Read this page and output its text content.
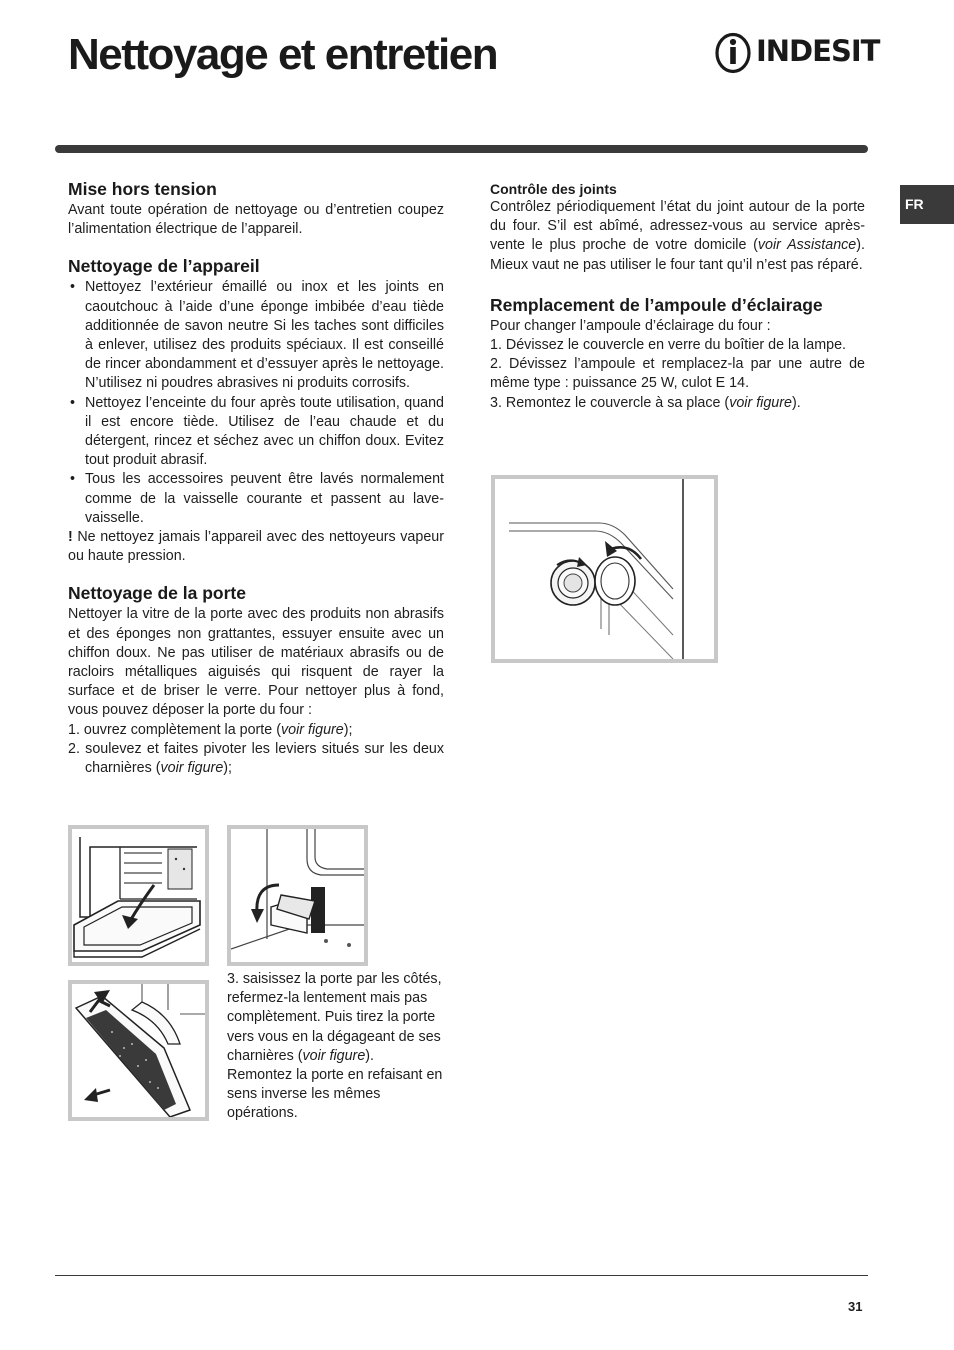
Nettoyage et entretien	INDESIT
FR
Mise hors tension

Avant toute opération de nettoyage ou d’entretien coupez l’alimentation électrique de l’appareil.

Nettoyage de l’appareil
• Nettoyez l’extérieur émaillé ou inox et les joints en caoutchouc à l’aide d’une éponge imbibée d’eau tiède additionnée de savon neutre Si les taches sont difficiles à enlever, utilisez des produits spéciaux. Il est conseillé de rincer abondamment et d’essuyer après le nettoyage. N’utilisez ni poudres abrasives ni produits corrosifs.
• Nettoyez l’enceinte du four après toute utilisation, quand il est encore tiède. Utilisez de l’eau chaude et du détergent, rincez et séchez avec un chiffon doux. Evitez tout produit abrasif.
• Tous les accessoires peuvent être lavés normalement comme de la vaisselle courante et passent au lave-vaisselle.

! Ne nettoyez jamais l’appareil avec des nettoyeurs vapeur ou haute pression.

Nettoyage de la porte

Nettoyer la vitre de la porte avec des produits non abrasifs et des éponges non grattantes, essuyer ensuite avec un chiffon doux. Ne pas utiliser de matériaux abrasifs ou de racloirs métalliques aiguisés qui risquent de rayer la surface et de briser le verre. Pour nettoyer plus à fond, vous pouvez déposer la porte du four :

1. ouvrez complètement la porte (voir figure);
2. soulevez et faites pivoter les leviers situés sur les deux charnières (voir figure);

3. saisissez la porte par les côtés, refermez-la lentement mais pas complètement. Puis tirez la porte vers vous en la dégageant de ses charnières (voir figure).

Remontez la porte en refaisant en sens inverse les mêmes opérations.

Contrôle des joints

Contrôlez périodiquement l’état du joint autour de la porte du four. S’il est abîmé, adressez-vous au service après-vente le plus proche de votre domicile (voir Assistance). Mieux vaut ne pas utiliser le four tant qu’il n’est pas réparé.

Remplacement de l’ampoule d’éclairage

Pour changer l’ampoule d’éclairage du four :

1. Dévissez le couvercle en verre du boîtier de la lampe.

2. Dévissez l’ampoule et remplacez-la par une autre de même type : puissance 25 W, culot E 14.

3. Remontez le couvercle à sa place (voir figure).

31
